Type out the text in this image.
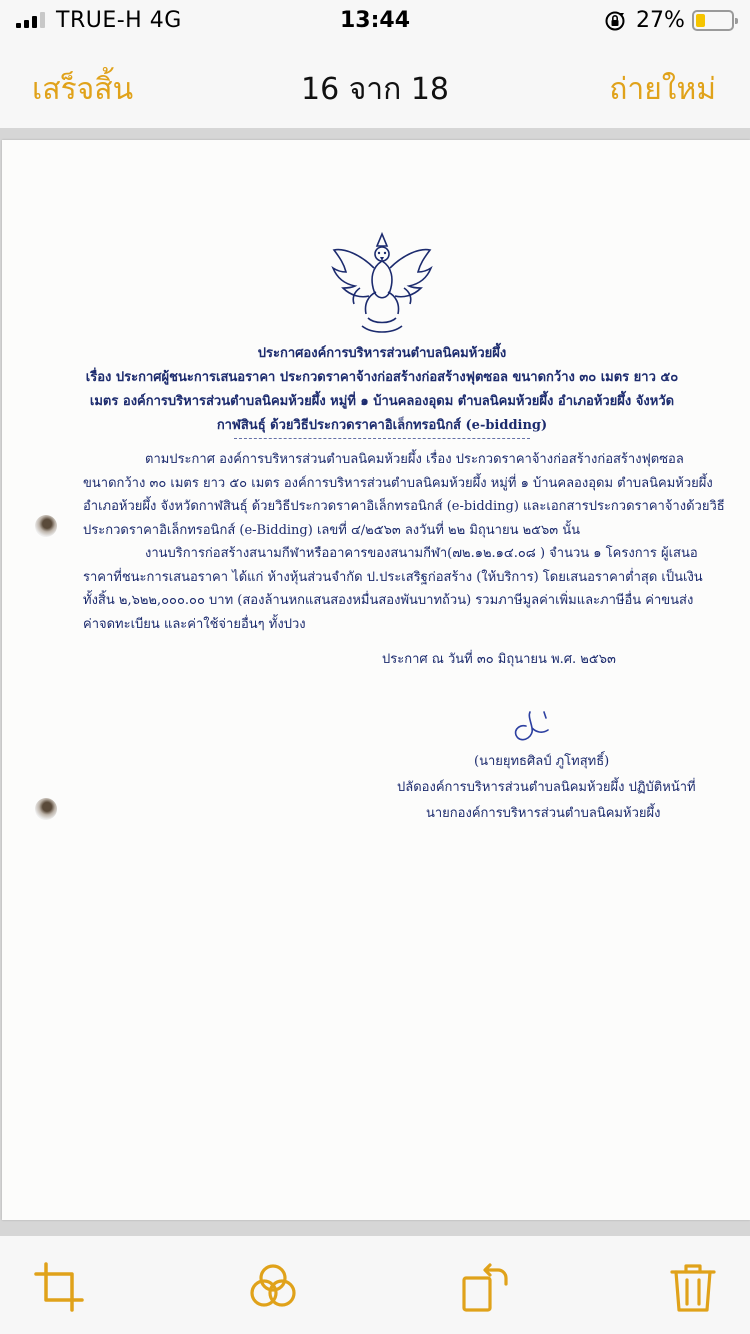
TRUE-H 4G	13:44	27%
เสร็จสิ้น	16 จาก 18	ถ่ายใหม่

ประกาศองค์การบริหารส่วนตำบลนิคมห้วยผึ้ง

เรื่อง ประกาศผู้ชนะการเสนอราคา ประกวดราคาจ้างก่อสร้างก่อสร้างฟุตซอล ขนาดกว้าง ๓๐ เมตร ยาว ๕๐

เมตร องค์การบริหารส่วนตำบลนิคมห้วยผึ้ง หมู่ที่ ๑ บ้านคลองอุดม ตำบลนิคมห้วยผึ้ง อำเภอห้วยผึ้ง จังหวัด

กาฬสินธุ์ ด้วยวิธีประกวดราคาอิเล็กทรอนิกส์ (e-bidding)

ตามประกาศ องค์การบริหารส่วนตำบลนิคมห้วยผึ้ง เรื่อง ประกวดราคาจ้างก่อสร้างก่อสร้างฟุตซอล

ขนาดกว้าง ๓๐ เมตร ยาว ๕๐ เมตร องค์การบริหารส่วนตำบลนิคมห้วยผึ้ง หมู่ที่ ๑ บ้านคลองอุดม ตำบลนิคมห้วยผึ้ง

อำเภอห้วยผึ้ง จังหวัดกาฬสินธุ์ ด้วยวิธีประกวดราคาอิเล็กทรอนิกส์ (e-bidding) และเอกสารประกวดราคาจ้างด้วยวิธี

ประกวดราคาอิเล็กทรอนิกส์ (e-Bidding) เลขที่ ๔/๒๕๖๓ ลงวันที่ ๒๒ มิถุนายน ๒๕๖๓ นั้น

งานบริการก่อสร้างสนามกีฬาหรืออาคารของสนามกีฬา(๗๒.๑๒.๑๔.๐๘ ) จำนวน ๑ โครงการ ผู้เสนอ

ราคาที่ชนะการเสนอราคา ได้แก่ ห้างหุ้นส่วนจำกัด ป.ประเสริฐก่อสร้าง (ให้บริการ) โดยเสนอราคาต่ำสุด เป็นเงิน

ทั้งสิ้น ๒,๖๒๒,๐๐๐.๐๐ บาท (สองล้านหกแสนสองหมื่นสองพันบาทถ้วน) รวมภาษีมูลค่าเพิ่มและภาษีอื่น ค่าขนส่ง

ค่าจดทะเบียน และค่าใช้จ่ายอื่นๆ ทั้งปวง

ประกาศ ณ วันที่ ๓๐ มิถุนายน พ.ศ. ๒๕๖๓
(นายยุทธศิลป์ ภูโทสุทธิ์)
ปลัดองค์การบริหารส่วนตำบลนิคมห้วยผึ้ง ปฏิบัติหน้าที่
นายกองค์การบริหารส่วนตำบลนิคมห้วยผึ้ง
